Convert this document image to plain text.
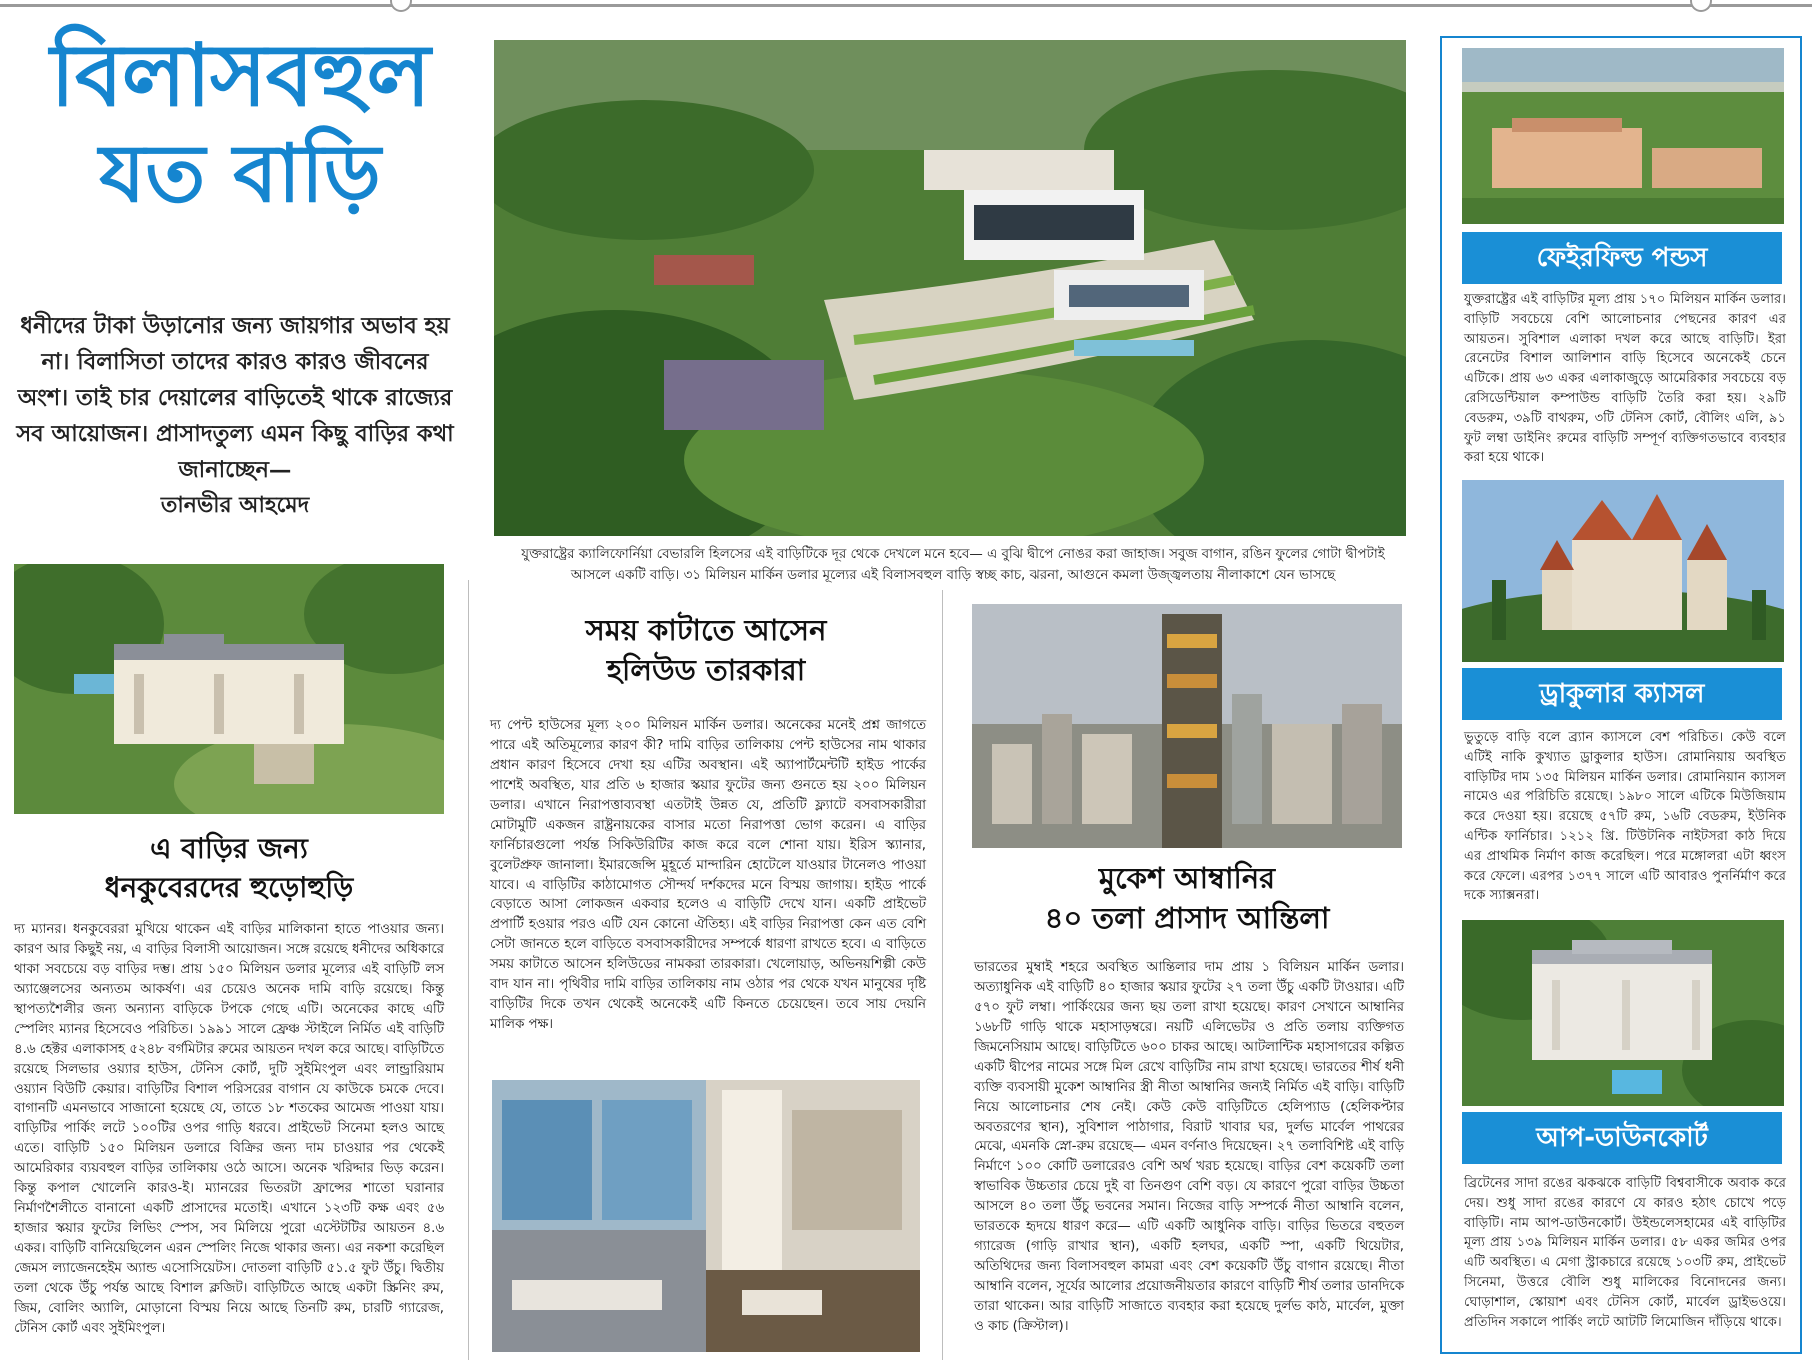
বিলাসবহুল
যত বাড়ি
ধনীদের টাকা উড়ানোর জন্য জায়গার অভাব হয় না। বিলাসিতা তাদের কারও কারও জীবনের অংশ। তাই চার দেয়ালের বাড়িতেই থাকে রাজ্যের সব আয়োজন। প্রাসাদতুল্য এমন কিছু বাড়ির কথা জানাচ্ছেন—
তানভীর আহমেদ

যুক্তরাষ্ট্রের ক্যালিফোর্নিয়া বেভারলি হিলসের এই বাড়িটিকে দূর থেকে দেখলে মনে হবে— এ বুঝি দ্বীপে নোঙর করা জাহাজ। সবুজ বাগান, রঙিন ফুলের গোটা দ্বীপটাই আসলে একটি বাড়ি। ৩১ মিলিয়ন মার্কিন ডলার মূল্যের এই বিলাসবহুল বাড়ি স্বচ্ছ কাচ, ঝরনা, আগুনে কমলা উজ্জ্বলতায় নীলাকাশে যেন ভাসছে

এ বাড়ির জন্য
ধনকুবেরদের হুড়োহুড়ি

দ্য ম্যানর। ধনকুবেররা মুখিয়ে থাকেন এই বাড়ির মালিকানা হাতে পাওয়ার জন্য। কারণ আর কিছুই নয়, এ বাড়ির বিলাসী আয়োজন। সঙ্গে রয়েছে ধনীদের অধিকারে থাকা সবচেয়ে বড় বাড়ির দম্ভ। প্রায় ১৫০ মিলিয়ন ডলার মূল্যের এই বাড়িটি লস অ্যাঞ্জেলসের অন্যতম আকর্ষণ। এর চেয়েও অনেক দামি বাড়ি রয়েছে। কিন্তু স্থাপত্যশৈলীর জন্য অন্যান্য বাড়িকে টপকে গেছে এটি। অনেকের কাছে এটি স্পেলিং ম্যানর হিসেবেও পরিচিত। ১৯৯১ সালে ফ্রেঞ্চ স্টাইলে নির্মিত এই বাড়িটি ৪.৬ হেক্টর এলাকাসহ ৫২৪৮ বর্গমিটার রুমের আয়তন দখল করে আছে। বাড়িটিতে রয়েছে সিলভার ওয়্যার হাউস, টেনিস কোর্ট, দুটি সুইমিংপুল এবং লান্ড্রারিয়াম ওয়্যান বিউটি কেয়ার। বাড়িটির বিশাল পরিসরের বাগান যে কাউকে চমকে দেবে। বাগানটি এমনভাবে সাজানো হয়েছে যে, তাতে ১৮ শতকের আমেজ পাওয়া যায়। বাড়িটির পার্কিং লটে ১০০টির ওপর গাড়ি ধরবে। প্রাইভেট সিনেমা হলও আছে এতে। বাড়িটি ১৫০ মিলিয়ন ডলারে বিক্রির জন্য দাম চাওয়ার পর থেকেই আমেরিকার ব্যয়বহুল বাড়ির তালিকায় ওঠে আসে। অনেক খরিদ্দার ভিড় করেন। কিন্তু কপাল খোলেনি কারও-ই। ম্যানরের ভিতরটা ফ্রান্সের শাতো ঘরানার নির্মাণশৈলীতে বানানো একটি প্রাসাদের মতোই। এখানে ১২৩টি কক্ষ এবং ৫৬ হাজার স্কয়ার ফুটের লিভিং স্পেস, সব মিলিয়ে পুরো এস্টেটটির আয়তন ৪.৬ একর। বাড়িটি বানিয়েছিলেন এরন স্পেলিং নিজে থাকার জন্য। এর নকশা করেছিল জেমস ল্যাজেনহেইম অ্যান্ড এসোসিয়েটস। দোতলা বাড়িটি ৫১.৫ ফুট উঁচু। দ্বিতীয় তলা থেকে উঁচু পর্যন্ত আছে বিশাল ক্লজিট। বাড়িটিতে আছে একটা স্ক্রিনিং রুম, জিম, বোলিং অ্যালি, মোড়ানো বিস্ময় নিয়ে আছে তিনটি রুম, চারটি গ্যারেজ, টেনিস কোর্ট এবং সুইমিংপুল।

সময় কাটাতে আসেন
হলিউড তারকারা

দ্য পেন্ট হাউসের মূল্য ২০০ মিলিয়ন মার্কিন ডলার। অনেকের মনেই প্রশ্ন জাগতে পারে এই অতিমূল্যের কারণ কী? দামি বাড়ির তালিকায় পেন্ট হাউসের নাম থাকার প্রধান কারণ হিসেবে দেখা হয় এটির অবস্থান। এই অ্যাপার্টমেন্টটি হাইড পার্কের পাশেই অবস্থিত, যার প্রতি ৬ হাজার স্কয়ার ফুটের জন্য গুনতে হয় ২০০ মিলিয়ন ডলার। এখানে নিরাপত্তাব্যবস্থা এতটাই উন্নত যে, প্রতিটি ফ্ল্যাটে বসবাসকারীরা মোটামুটি একজন রাষ্ট্রনায়কের বাসার মতো নিরাপত্তা ভোগ করেন। এ বাড়ির ফার্নিচারগুলো পর্যন্ত সিকিউরিটির কাজ করে বলে শোনা যায়। ইরিস স্ক্যানার, বুলেটপ্রুফ জানালা। ইমারজেন্সি মুহূর্তে মান্দারিন হোটেলে যাওয়ার টানেলও পাওয়া যাবে। এ বাড়িটির কাঠামোগত সৌন্দর্য দর্শকদের মনে বিস্ময় জাগায়। হাইড পার্কে বেড়াতে আসা লোকজন একবার হলেও এ বাড়িটি দেখে যান। একটি প্রাইভেট প্রপার্টি হওয়ার পরও এটি যেন কোনো ঐতিহ্য। এই বাড়ির নিরাপত্তা কেন এত বেশি সেটা জানতে হলে বাড়িতে বসবাসকারীদের সম্পর্কে ধারণা রাখতে হবে। এ বাড়িতে সময় কাটাতে আসেন হলিউডের নামকরা তারকারা। খেলোয়াড়, অভিনয়শিল্পী কেউ বাদ যান না। পৃথিবীর দামি বাড়ির তালিকায় নাম ওঠার পর থেকে যখন মানুষের দৃষ্টি বাড়িটির দিকে তখন থেকেই অনেকেই এটি কিনতে চেয়েছেন। তবে সায় দেয়নি মালিক পক্ষ।

মুকেশ আম্বানির
৪০ তলা প্রাসাদ আন্তিলা

ভারতের মুম্বাই শহরে অবস্থিত আন্তিলার দাম প্রায় ১ বিলিয়ন মার্কিন ডলার। অত্যাধুনিক এই বাড়িটি ৪০ হাজার স্কয়ার ফুটের ২৭ তলা উঁচু একটি টাওয়ার। এটি ৫৭০ ফুট লম্বা। পার্কিংয়ের জন্য ছয় তলা রাখা হয়েছে। কারণ সেখানে আম্বানির ১৬৮টি গাড়ি থাকে মহাসাড়ম্বরে। নয়টি এলিভেটর ও প্রতি তলায় ব্যক্তিগত জিমনেসিয়াম আছে। বাড়িটিতে ৬০০ চাকর আছে। আটলান্টিক মহাসাগরের কল্পিত একটি দ্বীপের নামের সঙ্গে মিল রেখে বাড়িটির নাম রাখা হয়েছে। ভারতের শীর্ষ ধনী ব্যক্তি ব্যবসায়ী মুকেশ আম্বানির স্ত্রী নীতা আম্বানির জন্যই নির্মিত এই বাড়ি। বাড়িটি নিয়ে আলোচনার শেষ নেই। কেউ কেউ বাড়িটিতে হেলিপ্যাড (হেলিকপ্টার অবতরণের স্থান), সুবিশাল পাঠাগার, বিরাট খাবার ঘর, দুর্লভ মার্বেল পাথরের মেঝে, এমনকি স্নো-রুম রয়েছে— এমন বর্ণনাও দিয়েছেন। ২৭ তলাবিশিষ্ট এই বাড়ি নির্মাণে ১০০ কোটি ডলারেরও বেশি অর্থ খরচ হয়েছে। বাড়ির বেশ কয়েকটি তলা স্বাভাবিক উচ্চতার চেয়ে দুই বা তিনগুণ বেশি বড়। যে কারণে পুরো বাড়ির উচ্চতা আসলে ৪০ তলা উঁচু ভবনের সমান। নিজের বাড়ি সম্পর্কে নীতা আম্বানি বলেন, ভারতকে হৃদয়ে ধারণ করে— এটি একটি আধুনিক বাড়ি। বাড়ির ভিতরে বহুতল গ্যারেজ (গাড়ি রাখার স্থান), একটি হলঘর, একটি স্পা, একটি থিয়েটার, অতিথিদের জন্য বিলাসবহুল কামরা এবং বেশ কয়েকটি উঁচু বাগান রয়েছে। নীতা আম্বানি বলেন, সূর্যের আলোর প্রয়োজনীয়তার কারণে বাড়িটি শীর্ষ তলার ডানদিকে তারা থাকেন। আর বাড়িটি সাজাতে ব্যবহার করা হয়েছে দুর্লভ কাঠ, মার্বেল, মুক্তা ও কাচ (ক্রিস্টাল)।

ফেইরফিল্ড পন্ডস

যুক্তরাষ্ট্রের এই বাড়িটির মূল্য প্রায় ১৭০ মিলিয়ন মার্কিন ডলার। বাড়িটি সবচেয়ে বেশি আলোচনার পেছনের কারণ এর আয়তন। সুবিশাল এলাকা দখল করে আছে বাড়িটি। ইরা রেনেটের বিশাল আলিশান বাড়ি হিসেবে অনেকেই চেনে এটিকে। প্রায় ৬৩ একর এলাকাজুড়ে আমেরিকার সবচেয়ে বড় রেসিডেন্টিয়াল কম্পাউন্ড বাড়িটি তৈরি করা হয়। ২৯টি বেডরুম, ৩৯টি বাথরুম, ৩টি টেনিস কোর্ট, বৌলিং এলি, ৯১ ফুট লম্বা ডাইনিং রুমের বাড়িটি সম্পূর্ণ ব্যক্তিগতভাবে ব্যবহার করা হয়ে থাকে।

ড্রাকুলার ক্যাসল

ভুতুড়ে বাড়ি বলে ব্র্যান ক্যাসলে বেশ পরিচিত। কেউ বলে এটিই নাকি কুখ্যাত ড্রাকুলার হাউস। রোমানিয়ায় অবস্থিত বাড়িটির দাম ১৩৫ মিলিয়ন মার্কিন ডলার। রোমানিয়ান ক্যাসল নামেও এর পরিচিতি রয়েছে। ১৯৮০ সালে এটিকে মিউজিয়াম করে দেওয়া হয়। রয়েছে ৫৭টি রুম, ১৬টি বেডরুম, ইউনিক এন্টিক ফার্নিচার। ১২১২ খ্রি. টিউটনিক নাইটসরা কাঠ দিয়ে এর প্রাথমিক নির্মাণ কাজ করেছিল। পরে মঙ্গোলরা এটা ধ্বংস করে ফেলে। এরপর ১৩৭৭ সালে এটি আবারও পুনর্নির্মাণ করে দকে স্যাক্সনরা।

আপ-ডাউনকোর্ট

ব্রিটেনের সাদা রঙের ঝকঝকে বাড়িটি বিশ্ববাসীকে অবাক করে দেয়। শুধু সাদা রঙের কারণে যে কারও হঠাৎ চোখে পড়ে বাড়িটি। নাম আপ-ডাউনকোর্ট। উইন্ডলেসহামের এই বাড়িটির মূল্য প্রায় ১৩৯ মিলিয়ন মার্কিন ডলার। ৫৮ একর জমির ওপর এটি অবস্থিত। এ মেগা স্ট্রাকচারে রয়েছে ১০৩টি রুম, প্রাইভেট সিনেমা, উত্তরে বৌলি শুধু মালিকের বিনোদনের জন্য। ঘোড়াশাল, স্কোয়াশ এবং টেনিস কোর্ট, মার্বেল ড্রাইভওয়ে। প্রতিদিন সকালে পার্কিং লটে আটটি লিমোজিন দাঁড়িয়ে থাকে।
